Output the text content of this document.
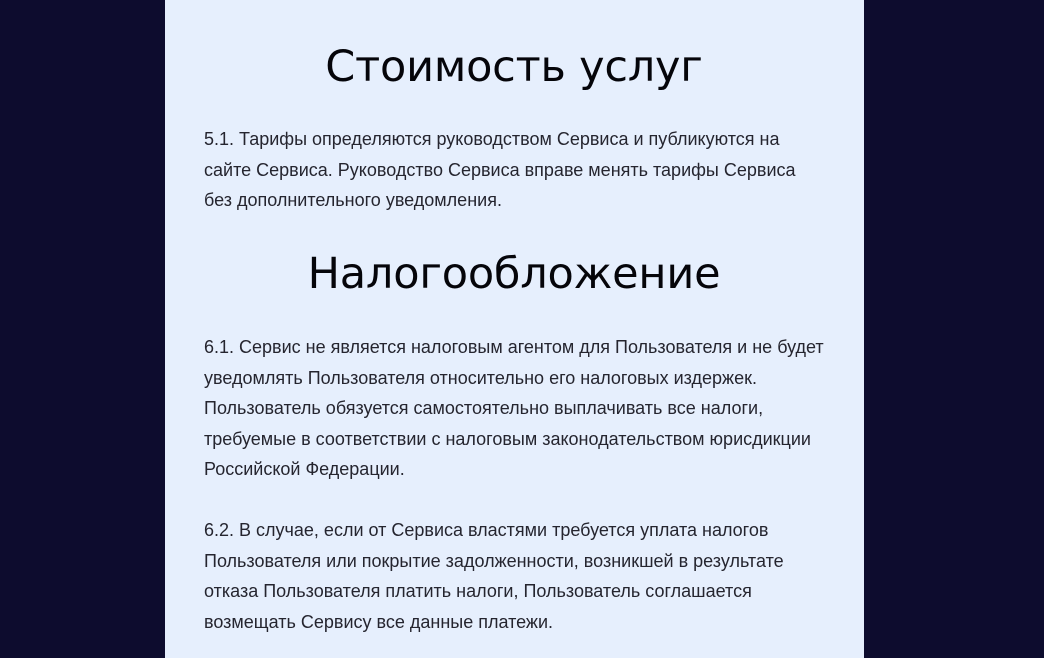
Стоимость услуг

5.1. Тарифы определяются руководством Сервиса и публикуются на сайте Сервиса. Руководство Сервиса вправе менять тарифы Сервиса без дополнительного уведомления.

Налогообложение

6.1. Сервис не является налоговым агентом для Пользователя и не будет уведомлять Пользователя относительно его налоговых издержек. Пользователь обязуется самостоятельно выплачивать все налоги, требуемые в соответствии с налоговым законодательством юрисдикции Российской Федерации.

6.2. В случае, если от Сервиса властями требуется уплата налогов Пользователя или покрытие задолженности, возникшей в результате отказа Пользователя платить налоги, Пользователь соглашается возмещать Сервису все данные платежи.
